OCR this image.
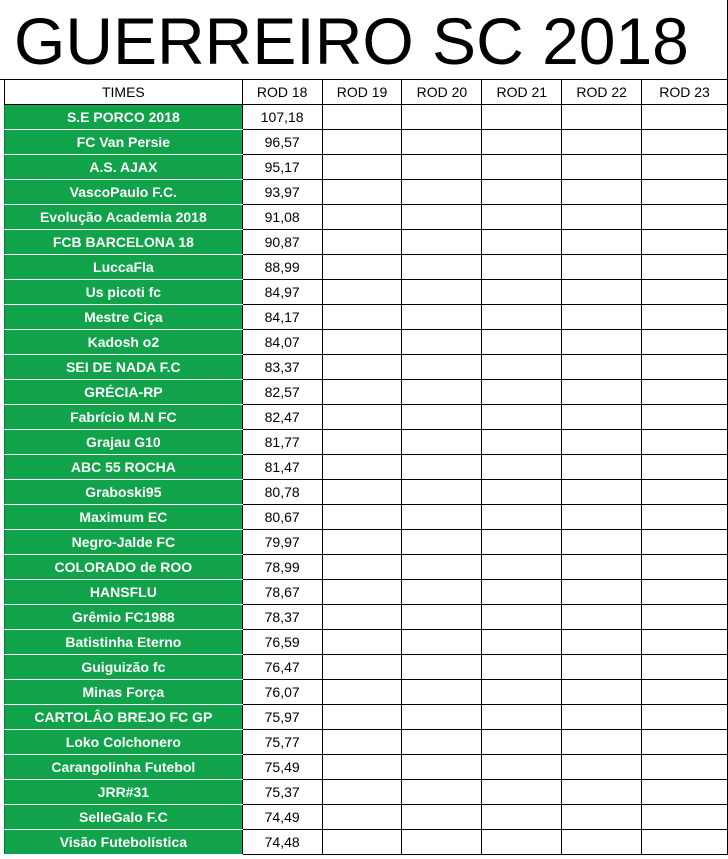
GUERREIRO SC 2018
TIMES	ROD 18	ROD 19	ROD 20	ROD 21	ROD 22	ROD 23
S.E PORCO 2018	107,18					
FC Van Persie	96,57					
A.S. AJAX	95,17					
VascoPaulo F.C.	93,97					
Evolução Academia 2018	91,08					
FCB BARCELONA 18	90,87					
LuccaFla	88,99					
Us picoti fc	84,97					
Mestre Ciça	84,17					
Kadosh o2	84,07					
SEI DE NADA F.C	83,37					
GRÉCIA-RP	82,57					
Fabrício M.N FC	82,47					
Grajau G10	81,77					
ABC 55 ROCHA	81,47					
Graboski95	80,78					
Maximum EC	80,67					
Negro-Jalde FC	79,97					
COLORADO de ROO	78,99					
HANSFLU	78,67					
Grêmio FC1988	78,37					
Batistinha Eterno	76,59					
Guiguizão fc	76,47					
Minas Força	76,07					
CARTOLÂO BREJO FC GP	75,97					
Loko Colchonero	75,77					
Carangolinha Futebol	75,49					
JRR#31	75,37					
SelleGalo F.C	74,49					
Visão Futebolística	74,48					
